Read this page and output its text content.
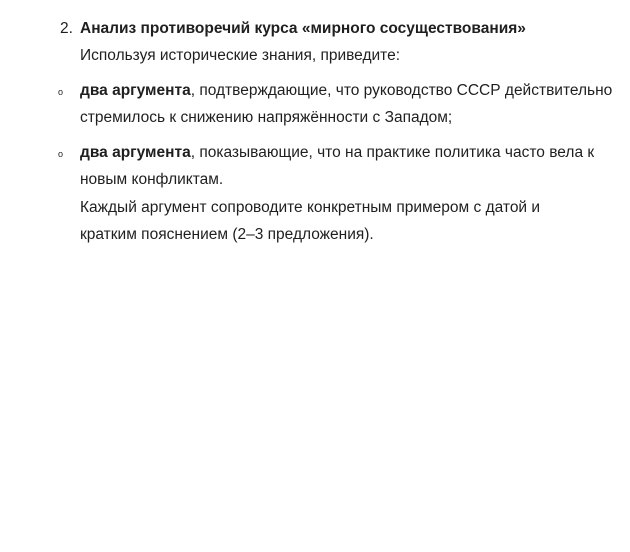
2. Анализ противоречий курса «мирного сосуществования»
Используя исторические знания, приведите:
o два аргумента, подтверждающие, что руководство СССР действительно
стремилось к снижению напряжённости с Западом;
o два аргумента, показывающие, что на практике политика часто вела к
новым конфликтам.
Каждый аргумент сопроводите конкретным примером с датой и
кратким пояснением (2–3 предложения).
